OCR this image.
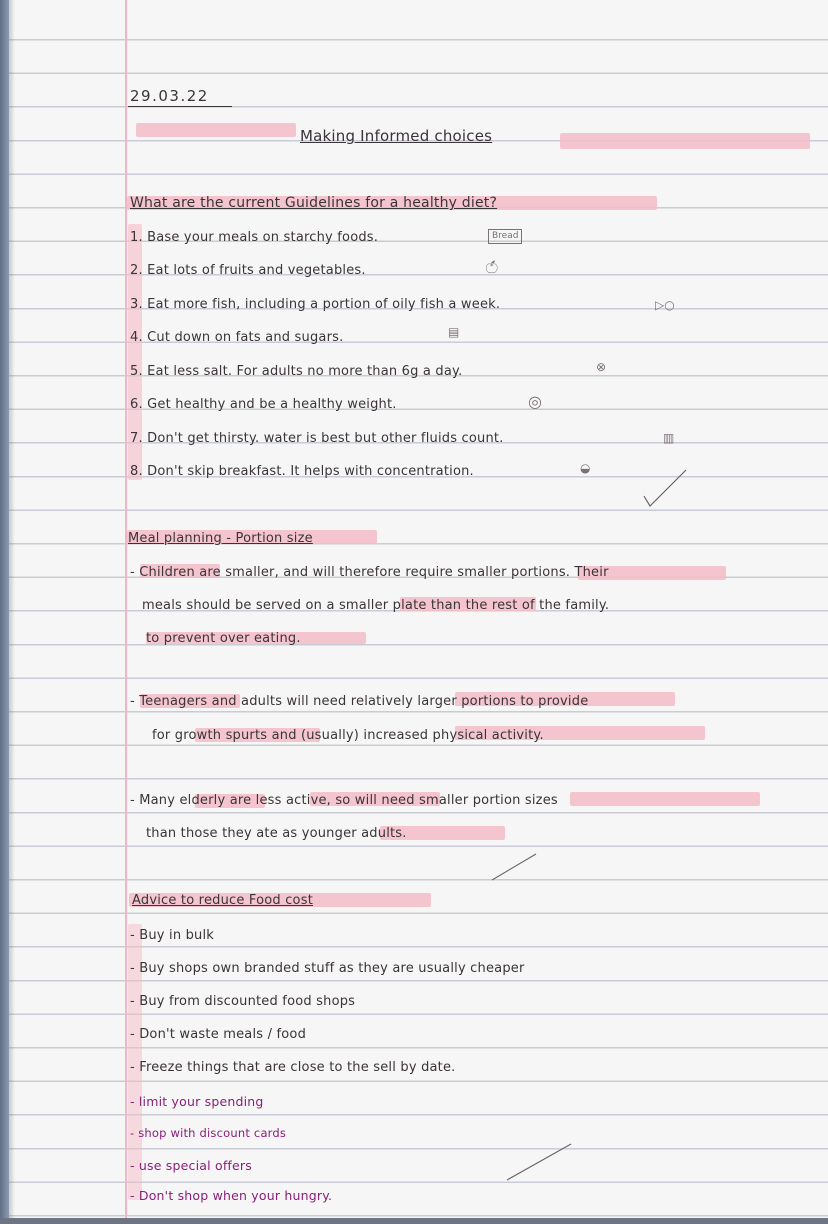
29.03.22
Making Informed choices
What are the current Guidelines for a healthy diet?
1. Base your meals on starchy foods.	Bread
2. Eat lots of fruits and vegetables.	🍏︎
3. Eat more fish, including a portion of oily fish a week.	▷○
4. Cut down on fats and sugars.	▤
5. Eat less salt. For adults no more than 6g a day.	⊗
6. Get healthy and be a healthy weight.	◎
7. Don't get thirsty. water is best but other fluids count.	▥
8. Don't skip breakfast. It helps with concentration.	◒
Meal planning - Portion size
- Children are smaller, and will therefore require smaller portions. Their
meals should be served on a smaller plate than the rest of the family.
to prevent over eating.
- Teenagers and adults will need relatively larger portions to provide
for growth spurts and (usually) increased physical activity.
- Many elderly are less active, so will need smaller portion sizes
than those they ate as younger adults.
Advice to reduce Food cost
- Buy in bulk
- Buy shops own branded stuff as they are usually cheaper
- Buy from discounted food shops
- Don't waste meals / food
- Freeze things that are close to the sell by date.
- limit your spending
- shop with discount cards
- use special offers
- Don't shop when your hungry.
